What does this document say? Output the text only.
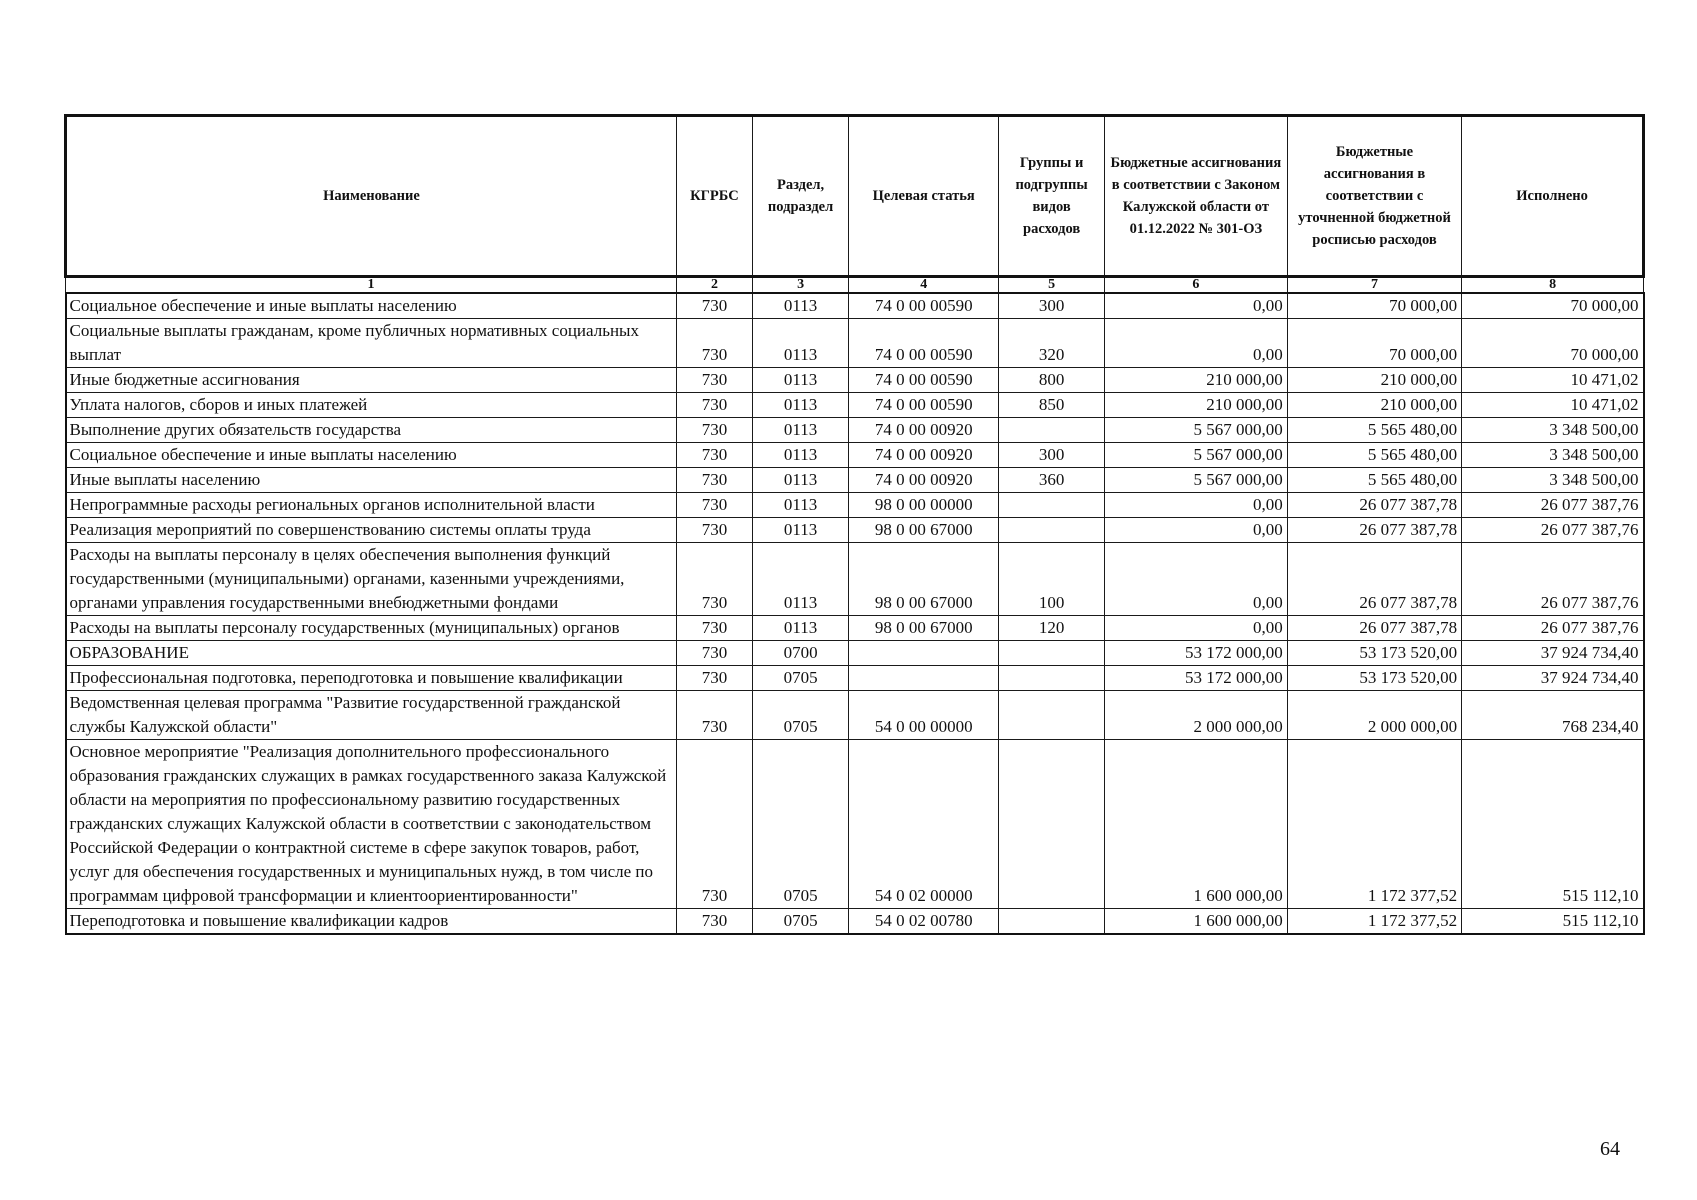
Наименование	КГРБС	Раздел, подраздел	Целевая статья	Группы и подгруппы видов расходов	Бюджетные ассигнования в соответствии с Законом Калужской области от 01.12.2022 № 301-ОЗ	Бюджетные ассигнования в соответствии с уточненной бюджетной росписью расходов	Исполнено
1	2	3	4	5	6	7	8
Социальное обеспечение и иные выплаты населению	730	0113	74 0 00 00590	300	0,00	70 000,00	70 000,00
Социальные выплаты гражданам, кроме публичных нормативных социальных выплат	730	0113	74 0 00 00590	320	0,00	70 000,00	70 000,00
Иные бюджетные ассигнования	730	0113	74 0 00 00590	800	210 000,00	210 000,00	10 471,02
Уплата налогов, сборов и иных платежей	730	0113	74 0 00 00590	850	210 000,00	210 000,00	10 471,02
Выполнение других обязательств государства	730	0113	74 0 00 00920		5 567 000,00	5 565 480,00	3 348 500,00
Социальное обеспечение и иные выплаты населению	730	0113	74 0 00 00920	300	5 567 000,00	5 565 480,00	3 348 500,00
Иные выплаты населению	730	0113	74 0 00 00920	360	5 567 000,00	5 565 480,00	3 348 500,00
Непрограммные расходы региональных органов исполнительной власти	730	0113	98 0 00 00000		0,00	26 077 387,78	26 077 387,76
Реализация мероприятий по совершенствованию системы оплаты труда	730	0113	98 0 00 67000		0,00	26 077 387,78	26 077 387,76
Расходы на выплаты персоналу в целях обеспечения выполнения функций государственными (муниципальными) органами, казенными учреждениями, органами управления государственными внебюджетными фондами	730	0113	98 0 00 67000	100	0,00	26 077 387,78	26 077 387,76
Расходы на выплаты персоналу государственных (муниципальных) органов	730	0113	98 0 00 67000	120	0,00	26 077 387,78	26 077 387,76
ОБРАЗОВАНИЕ	730	0700			53 172 000,00	53 173 520,00	37 924 734,40
Профессиональная подготовка, переподготовка и повышение квалификации	730	0705			53 172 000,00	53 173 520,00	37 924 734,40
Ведомственная целевая программа "Развитие государственной гражданской службы Калужской области"	730	0705	54 0 00 00000		2 000 000,00	2 000 000,00	768 234,40
Основное мероприятие "Реализация дополнительного профессионального образования гражданских служащих в рамках государственного заказа Калужской области на мероприятия по профессиональному развитию государственных гражданских служащих Калужской области в соответствии с законодательством Российской Федерации о контрактной системе в сфере закупок товаров, работ, услуг для обеспечения государственных и муниципальных нужд, в том числе по программам цифровой трансформации и клиентоориентированности"	730	0705	54 0 02 00000		1 600 000,00	1 172 377,52	515 112,10
Переподготовка и повышение квалификации кадров	730	0705	54 0 02 00780		1 600 000,00	1 172 377,52	515 112,10
64
